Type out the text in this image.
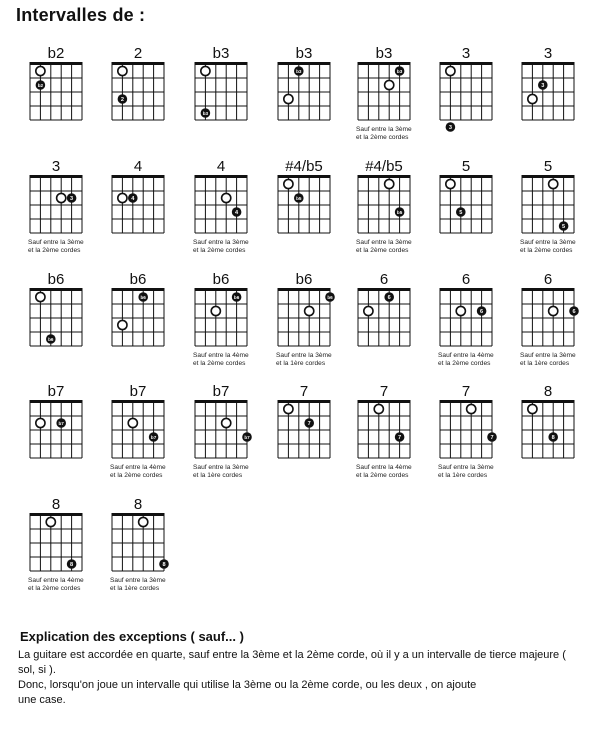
Intervalles de :
b2
b2
2
2
b3
b3
b3
b3
b3
b3
Sauf entre la 3ème
et la 2ème cordes
3
3
3
3
3
3
Sauf entre la 3ème
et la 2ème cordes
4
4
4
4
Sauf entre la 3ème
et la 2ème cordes
#4/b5
b5
#4/b5
b5
Sauf entre la 3ème
et la 2ème cordes
5
5
5
5
Sauf entre la 3ème
et la 2ème cordes
b6
b6
b6
b6
b6
b6
Sauf entre la 4ème
et la 2ème cordes
b6
b6
Sauf entre la 3ème
et la 1ère cordes
6
6
6
6
Sauf entre la 4ème
et la 2ème cordes
6
6
Sauf entre la 3ème
et la 1ère cordes
b7
b7
b7
b7
Sauf entre la 4ème
et la 2ème cordes
b7
b7
Sauf entre la 3ème
et la 1ère cordes
7
7
7
7
Sauf entre la 4ème
et la 2ème cordes
7
7
Sauf entre la 3ème
et la 1ère cordes
8
8
8
8
Sauf entre la 4ème
et la 2ème cordes
8
8
Sauf entre la 3ème
et la 1ère cordes
Explication des exceptions ( sauf... )
La guitare est accordée en quarte, sauf entre la 3ème et la 2ème corde, où il y a un intervalle de tierce majeure (
sol, si ).
Donc, lorsqu'on joue un intervalle qui utilise la 3ème ou la 2ème corde, ou les deux , on ajoute
une case.
